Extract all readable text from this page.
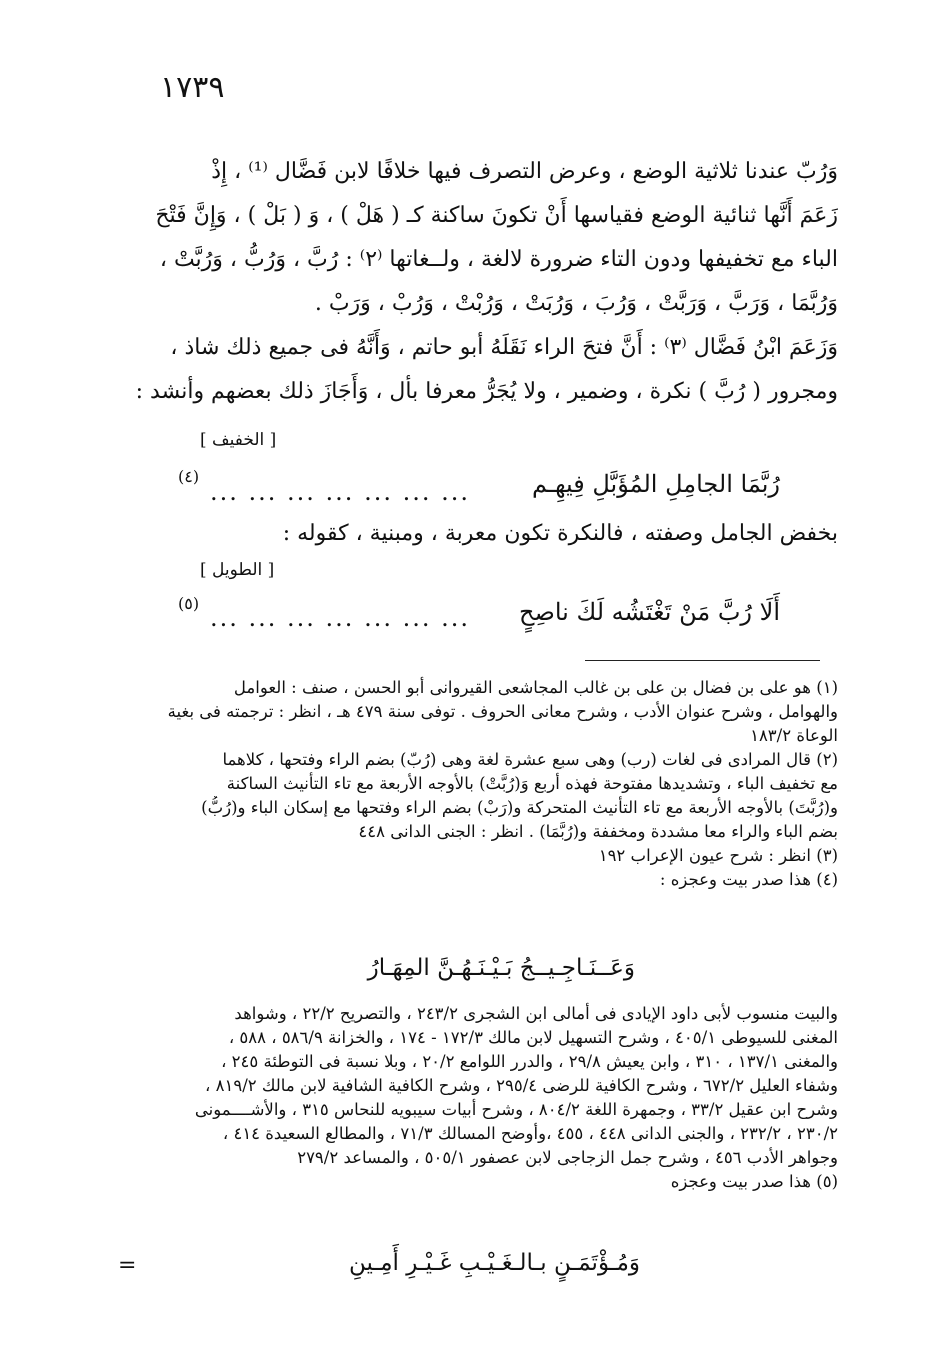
١٧٣٩
وَرُبّ عندنا ثلاثية الوضع ، وعرض التصرف فيها خلافًا لابن فَضَّال ⁽¹⁾ ، إِذْ
زَعَمَ أَنَّها ثنائية الوضع فقياسها أَنْ تكونَ ساكنة كـ ( هَلْ ) ، وَ ( بَلْ ) ، وَإِنَّ فَتْحَ
الباء مع تخفيفها ودون التاء ضرورة لالغة ، ولــغاتها ⁽٢⁾ : رُبَّ ، وَرُبُّ ، وَرُبَّتْ ،
وَرُبَّمَا ، وَرَبَّ ، وَرَبَّتْ ، وَرُبَ ، وَرُبَتْ ، وَرُبْتْ ، وَرُبْ ، وَرَبْ .
وَزَعَمَ ابْنُ فَضَّال ⁽٣⁾ : أَنَّ فتحَ الراء نَقَلَهُ أبو حاتم ، وَأَنَّهُ فى جميع ذلك شاذ ،
ومجرور ( رُبَّ ) نكرة ، وضمير ، ولا يُجَرُّ معرفا بأل ، وَأَجَازَ ذلك بعضهم وأنشد :
[ الخفيف ]
رُبَّمَا الجامِلِ المُؤَبَّلِ فِيهِـم
... ... ... ... ... ... ...
(٤)
بخفض الجامل وصفته ، فالنكرة تكون معربة ، ومبنية ، كقوله :
[ الطويل ]
أَلَا رُبَّ مَنْ تَغْتَشُه لَكَ ناصِحٍ
... ... ... ... ... ... ...
(٥)
(١) هو على بن فضال بن على بن غالب المجاشعى القيروانى أبو الحسن ، صنف : العوامل
والهوامل ، وشرح عنوان الأدب ، وشرح معانى الحروف . توفى سنة ٤٧٩ هـ ، انظر : ترجمته فى بغية
الوعاة ١٨٣/٢
(٢) قال المرادى فى لغات (رب) وهى سبع عشرة لغة وهى (رُبّ) بضم الراء وفتحها ، كلاهما
مع تخفيف الباء ، وتشديدها مفتوحة فهذه أربع وَ(رُبَّتْ) بالأوجه الأربعة مع تاء التأنيث الساكنة
و(رُبَّتَ) بالأوجه الأربعة مع تاء التأنيث المتحركة و(رَبْ) بضم الراء وفتحها مع إسكان الباء و(رُبُّ)
بضم الباء والراء معا مشددة ومخففة و(رُبَّمَا) . انظر : الجنى الدانى ٤٤٨
(٣) انظر : شرح عيون الإعراب ١٩٢
(٤) هذا صدر بيت وعجزه :
وَعَــنَـاجِـيــجُ بَـيْـنَـهُـنَّ المِهَـارُ
والبيت منسوب لأبى داود الإيادى فى أمالى ابن الشجرى ٢٤٣/٢ ، والتصريح ٢٢/٢ ، وشواهد
المغنى للسيوطى ٤٠٥/١ ، وشرح التسهيل لابن مالك ١٧٢/٣ - ١٧٤ ، والخزانة ٥٨٦/٩ ، ٥٨٨ ،
والمغنى ١٣٧/١ ، ٣١٠ ، وابن يعيش ٢٩/٨ ، والدرر اللوامع ٢٠/٢ ، وبلا نسبة فى التوطئة ٢٤٥ ،
وشفاء العليل ٦٧٢/٢ ، وشرح الكافية للرضى ٢٩٥/٤ ، وشرح الكافية الشافية لابن مالك ٨١٩/٢ ،
وشرح ابن عقيل ٣٣/٢ ، وجمهرة اللغة ٨٠٤/٢ ، وشرح أبيات سيبويه للنحاس ٣١٥ ، والأشــــمونى
٢٣٠/٢ ، ٢٣٢/٢ ، والجنى الدانى ٤٤٨ ، ٤٥٥ ،وأوضح المسالك ٧١/٣ ، والمطالع السعيدة ٤١٤ ،
وجواهر الأدب ٤٥٦ ، وشرح جمل الزجاجى لابن عصفور ٥٠٥/١ ، والمساعد ٢٧٩/٢
(٥) هذا صدر بيت وعجزه
وَمُـؤْتَمَـنٍ بـالـغَـيْـبِ غَـيْـرِ أَمِـينِ
=
